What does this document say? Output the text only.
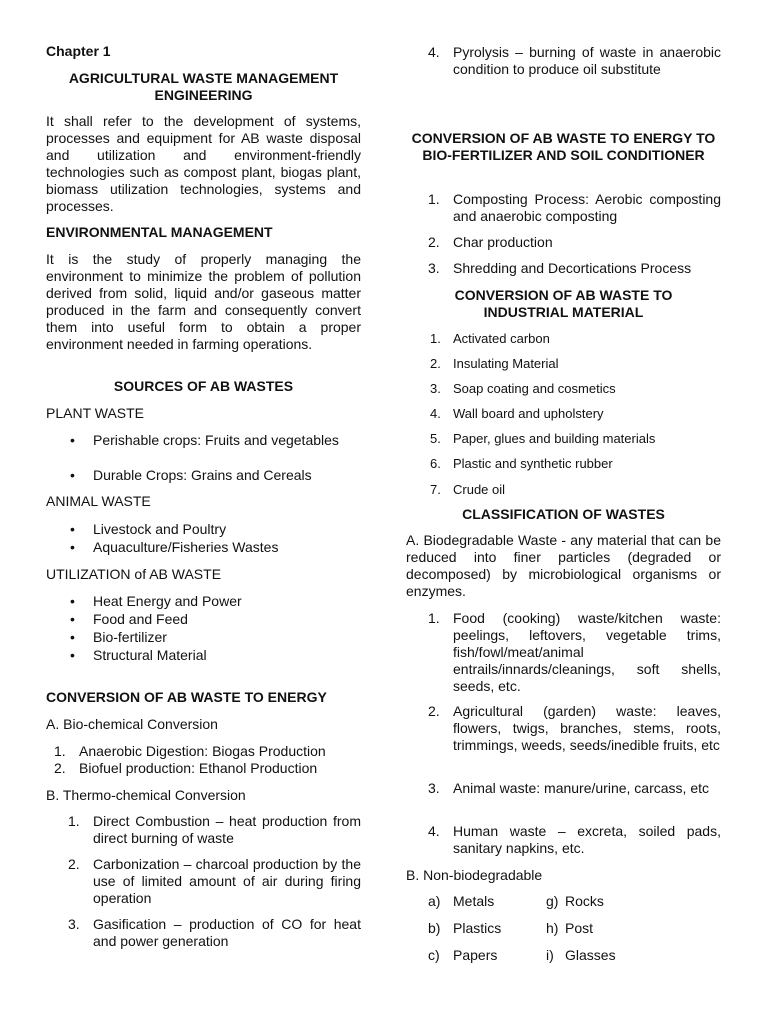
Chapter 1
AGRICULTURAL WASTE MANAGEMENT ENGINEERING
It shall refer to the development of systems, processes and equipment for AB waste disposal and utilization and environment-friendly technologies such as compost plant, biogas plant, biomass utilization technologies, systems and processes.
ENVIRONMENTAL MANAGEMENT
It is the study of properly managing the environment to minimize the problem of pollution derived from solid, liquid and/or gaseous matter produced in the farm and consequently convert them into useful form to obtain a proper environment needed in farming operations.
SOURCES OF AB WASTES
PLANT WASTE
•	Perishable crops: Fruits and vegetables
•	Durable Crops: Grains and Cereals
ANIMAL WASTE
•	Livestock and Poultry
•	Aquaculture/Fisheries Wastes
UTILIZATION of AB WASTE
•	Heat Energy and Power
•	Food and Feed
•	Bio-fertilizer
•	Structural Material
CONVERSION OF AB WASTE TO ENERGY
A. Bio-chemical Conversion
1. Anaerobic Digestion: Biogas Production
2. Biofuel production: Ethanol Production
B. Thermo-chemical Conversion
1. Direct Combustion – heat production from direct burning of waste
2. Carbonization – charcoal production by the use of limited amount of air during firing operation
3. Gasification – production of CO for heat and power generation
4. Pyrolysis – burning of waste in anaerobic condition to produce oil substitute
CONVERSION OF AB WASTE TO ENERGY TO BIO-FERTILIZER AND SOIL CONDITIONER
1. Composting Process: Aerobic composting and anaerobic composting
2. Char production
3. Shredding and Decortications Process
CONVERSION OF AB WASTE TO INDUSTRIAL MATERIAL
1. Activated carbon
2. Insulating Material
3. Soap coating and cosmetics
4. Wall board and upholstery
5. Paper, glues and building materials
6. Plastic and synthetic rubber
7. Crude oil
CLASSIFICATION OF WASTES
A. Biodegradable Waste - any material that can be reduced into finer particles (degraded or decomposed) by microbiological organisms or enzymes.
1. Food (cooking) waste/kitchen waste: peelings, leftovers, vegetable trims, fish/fowl/meat/animal entrails/innards/cleanings, soft shells, seeds, etc.
2. Agricultural (garden) waste: leaves, flowers, twigs, branches, stems, roots, trimmings, weeds, seeds/inedible fruits, etc
3. Animal waste: manure/urine, carcass, etc
4. Human waste – excreta, soiled pads, sanitary napkins, etc.
B. Non-biodegradable
a) Metals	g) Rocks
b) Plastics	h) Post
c) Papers	i) Glasses
